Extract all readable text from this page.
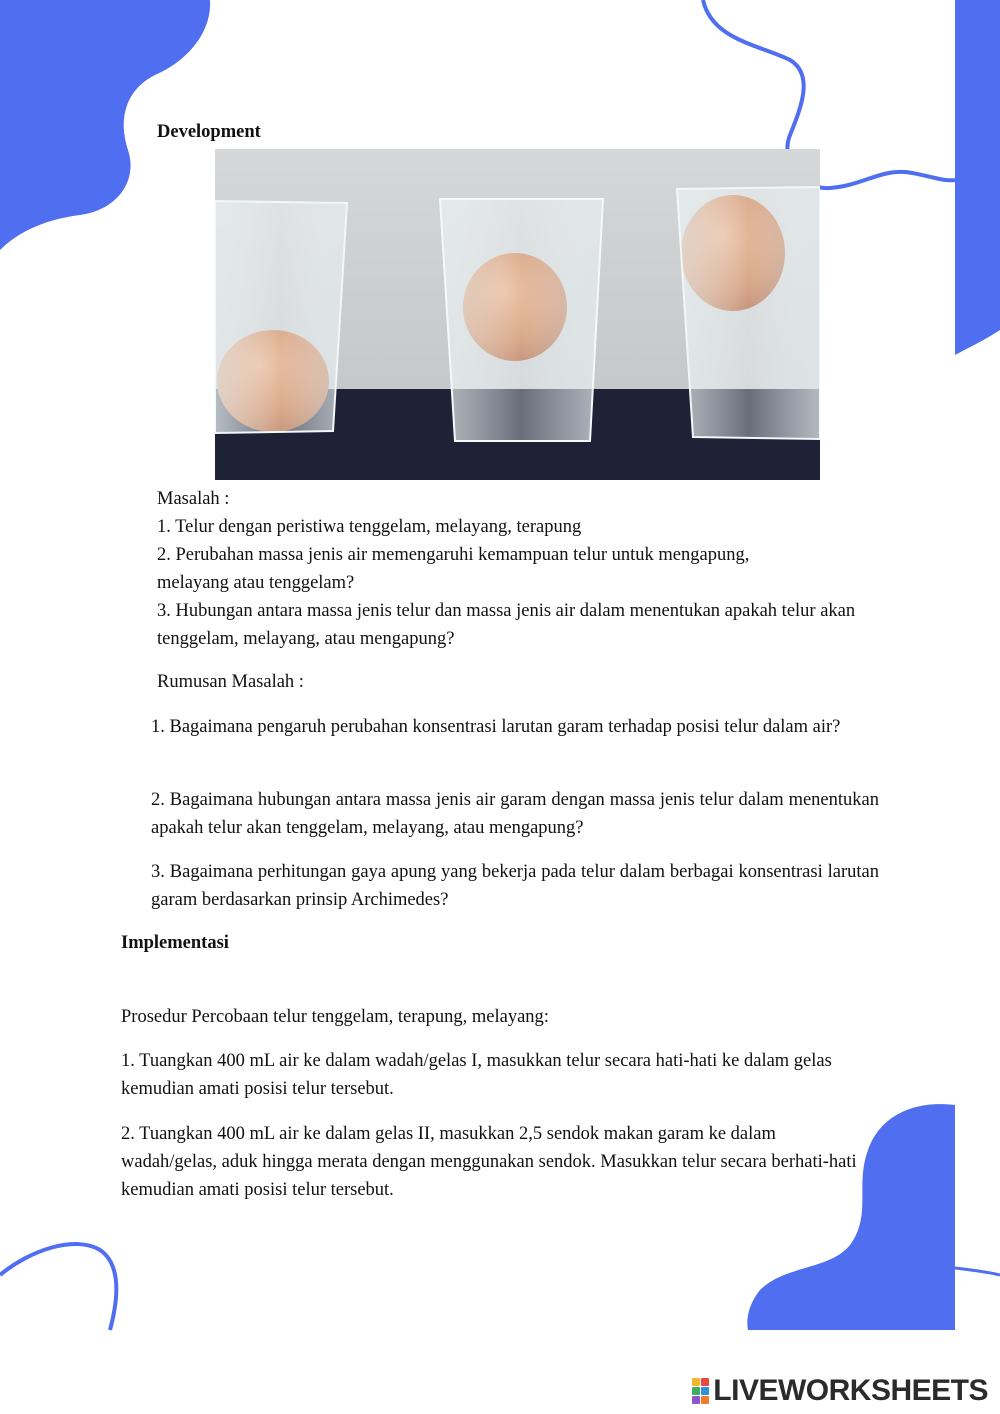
Development
Masalah :
1. Telur dengan peristiwa tenggelam, melayang, terapung
2. Perubahan massa jenis air memengaruhi kemampuan telur untuk mengapung, melayang atau tenggelam?
3. Hubungan antara massa jenis telur dan massa jenis air dalam menentukan apakah telur akan tenggelam, melayang, atau mengapung?
Rumusan Masalah :
1. Bagaimana pengaruh perubahan konsentrasi larutan garam terhadap posisi telur dalam air?
2. Bagaimana hubungan antara massa jenis air garam dengan massa jenis telur dalam menentukan apakah telur akan tenggelam, melayang, atau mengapung?
3. Bagaimana perhitungan gaya apung yang bekerja pada telur dalam berbagai konsentrasi larutan garam berdasarkan prinsip Archimedes?
Implementasi
Prosedur Percobaan telur tenggelam, terapung, melayang:
1. Tuangkan 400 mL air ke dalam wadah/gelas I, masukkan telur secara hati-hati ke dalam gelas kemudian amati posisi telur tersebut.
2. Tuangkan 400 mL air ke dalam gelas II, masukkan 2,5 sendok makan garam ke dalam wadah/gelas, aduk hingga merata dengan menggunakan sendok. Masukkan telur secara berhati-hati kemudian amati posisi telur tersebut.
LIVEWORKSHEETS
